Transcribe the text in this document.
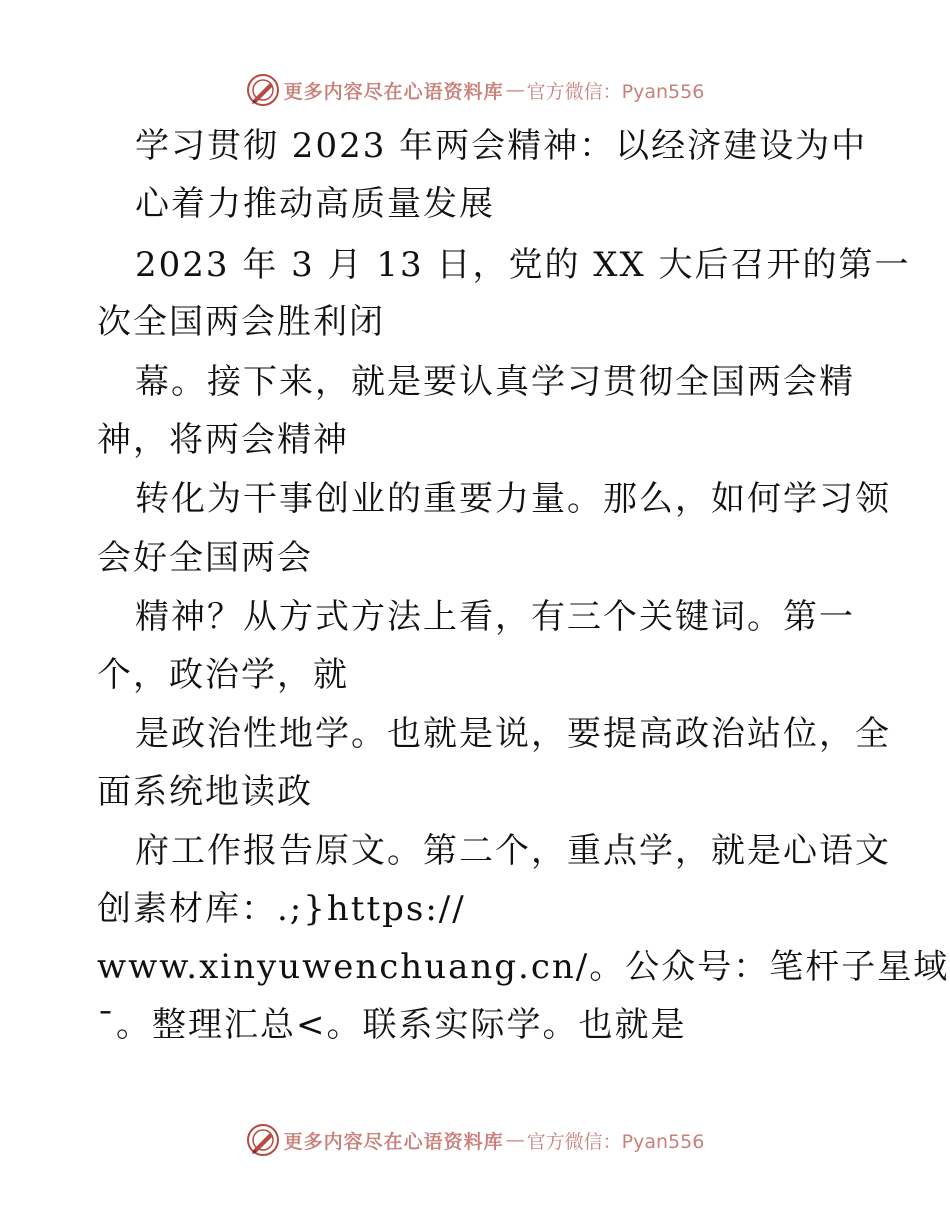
更多内容尽在心语资料库 — 官方微信：Pyan556
学习贯彻 2023 年两会精神：以经济建设为中
心着力推动高质量发展
2023 年 3 月 13 日，党的 XX 大后召开的第一
次全国两会胜利闭
幕。接下来，就是要认真学习贯彻全国两会精
神，将两会精神
转化为干事创业的重要力量。那么，如何学习领
会好全国两会
精神？从方式方法上看，有三个关键词。第一
个，政治学，就
是政治性地学。也就是说，要提高政治站位，全
面系统地读政
府工作报告原文。第二个，重点学，就是心语文
创素材库：.;}https://
www.xinyuwenchuang.cn/。公众号：笔杆子星域
¯。整理汇总<。联系实际学。也就是
更多内容尽在心语资料库 — 官方微信：Pyan556
